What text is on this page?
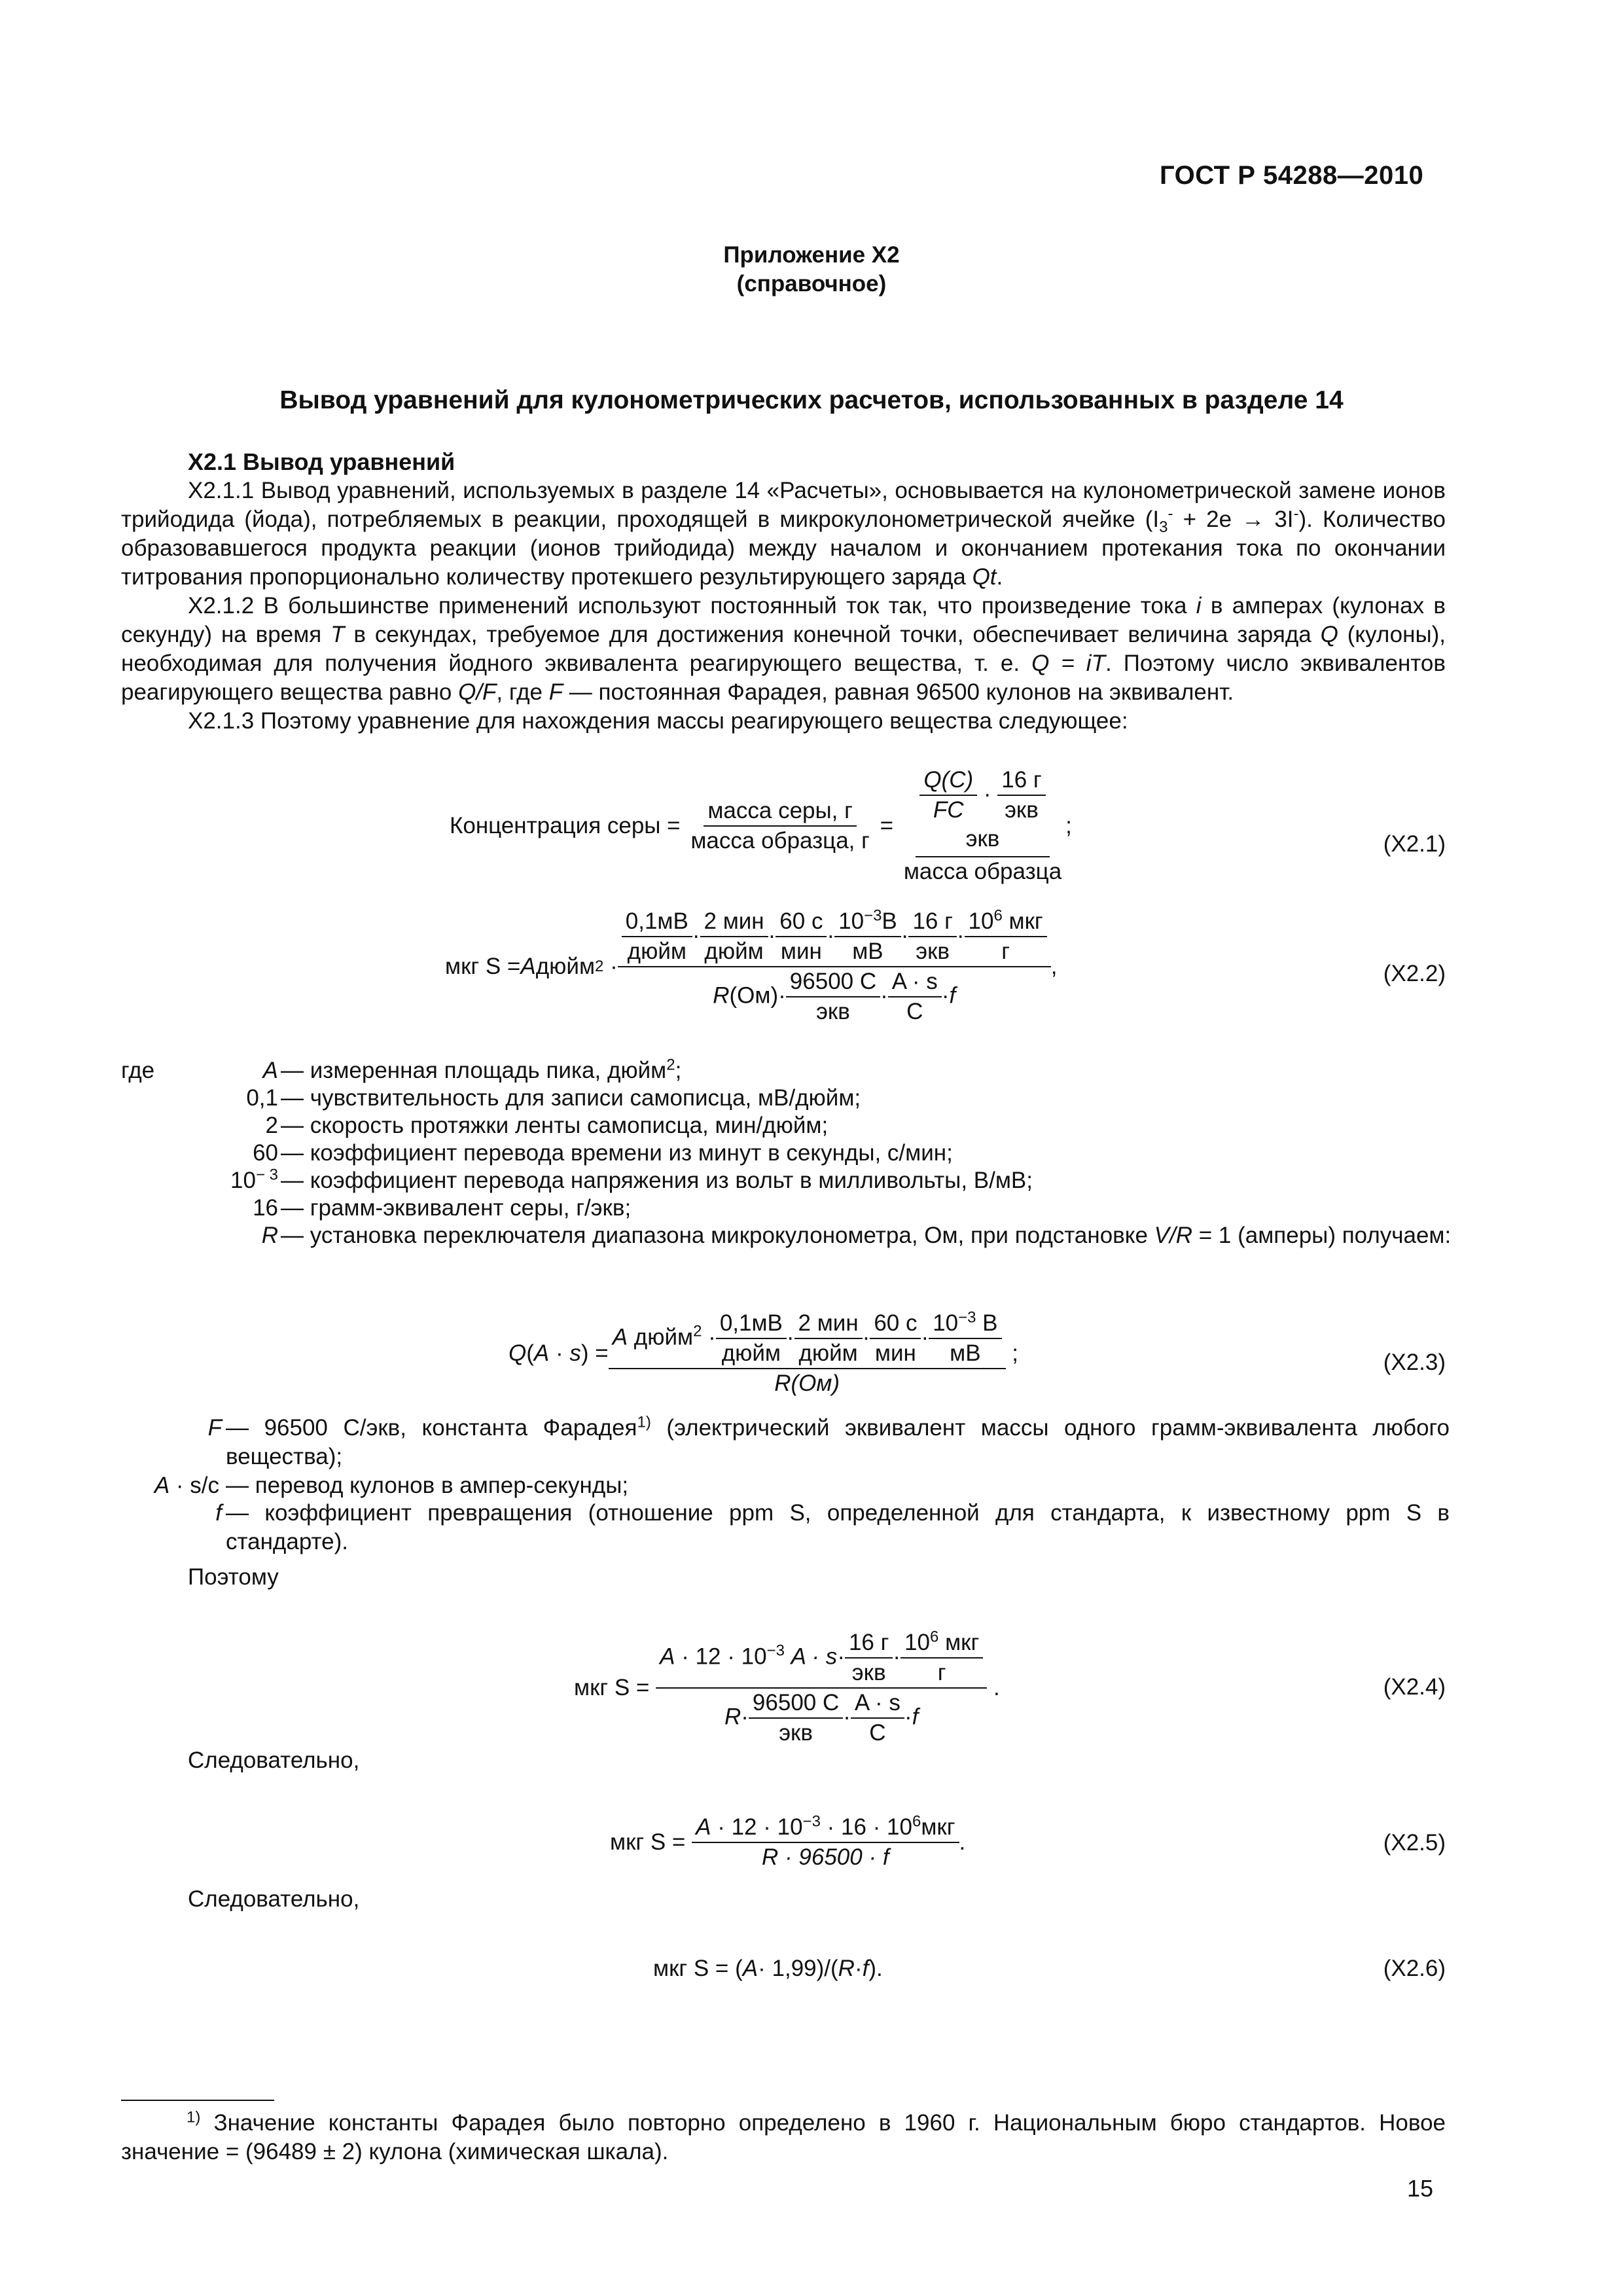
ГОСТ Р 54288—2010
Приложение Х2
(справочное)
Вывод уравнений для кулонометрических расчетов, использованных в разделе 14
Х2.1 Вывод уравнений

Х2.1.1 Вывод уравнений, используемых в разделе 14 «Расчеты», основывается на кулонометрической замене ионов трийодида (йода), потребляемых в реакции, проходящей в микрокулонометрической ячейке $(I_3^- + 2e \to 3I^-)$. Количество образовавшегося продукта реакции (ионов трийодида) между началом и окончанием протекания тока по окончании титрования пропорционально количеству протекшего результирующего заряда Qt.

Х2.1.2 В большинстве применений используют постоянный ток так, что произведение тока i в амперах (кулонах в секунду) на время T в секундах, требуемое для достижения конечной точки, обеспечивает величина заряда Q (кулоны), необходимая для получения йодного эквивалента реагирующего вещества, т. е. Q = iT. Поэтому число эквивалентов реагирующего вещества равно Q/F, где F — постоянная Фарадея, равная 96500 кулонов на эквивалент.

Х2.1.3 Поэтому уравнение для нахождения массы реагирующего вещества следующее:

Концентрация серы =
$\frac{\text{масса серы, г}}{\text{масса образца, г}}$
=

$\frac{Q(C)}{FC} \cdot \frac{16 г}{\text{экв}}$

экв
масса образца
;
(X2.1)
мкг S = A дюйм $2 \cdot \frac{\frac{0,1мВ}{\text{дюйм}} \cdot \frac{\text{2 мин}}{\text{дюйм}} \cdot \frac{60 с}{\text{мин}} \cdot \frac{10^{-3}В}{мВ} \cdot \frac{16 г}{\text{экв}} \cdot \frac{10^6 мкг}{г}}{R(Ом)\cdot \frac{96500 C}{\text{экв}} \cdot \frac{A \cdot s}{C} \cdot f}$ ,	(X2.2)
где	A — измеренная площадь пика, дюйм$^2$;
0,1 — чувствительность для записи самописца, мВ/дюйм;
2 — скорость протяжки ленты самописца, мин/дюйм;
60 — коэффициент перевода времени из минут в секунды, с/мин;
$10^{- 3}$ — коэффициент перевода напряжения из вольт в милливольты, В/мВ;
16 — грамм-эквивалент серы, г/экв;
R — установка переключателя диапазона микрокулонометра, Ом, при подстановке V/R = 1 (амперы) получаем:
$Q(A \cdot s) = \frac{A дюйм^2 \cdot \frac{0,1мВ}{\text{дюйм}} \cdot \frac{\text{2 мин}}{\text{дюйм}} \cdot \frac{60 с}{\text{мин}} \cdot \frac{10^{-3} В}{мВ}}{R(Ом)}$
;	(X2.3)
F — 96500 С/экв, константа Фарадея$^{1)}$ (электрический эквивалент массы одного грамм-эквивалента любого вещества);
A · s/c — перевод кулонов в ампер-секунды;
f — коэффициент превращения (отношение ppm S, определенной для стандарта, к известному ppm S в стандарте).
Поэтому
мкг S =
$\frac{A \cdot 12 \cdot 10^{-3} A \cdot s\cdot \frac{16 г}{\text{экв}} \cdot \frac{10^6 мкг}{г}}{R\cdot \frac{96500 C}{\text{экв}} \cdot \frac{A \cdot s}{C} \cdot f}$
.	(X2.4)
Следовательно,
мкг S =
$\frac{A \cdot 12 \cdot 10^{-3} \cdot 16 \cdot 10^6мкг}{R \cdot 96500 \cdot f}$ .	(X2.5)
Следовательно,
мкг S = ( A · 1,99)/( R · f ).	(X2.6)

$^{1)}$ Значение константы Фарадея было повторно определено в 1960 г. Национальным бюро стандартов. Новое значение = (96489 ± 2) кулона (химическая шкала).

15
